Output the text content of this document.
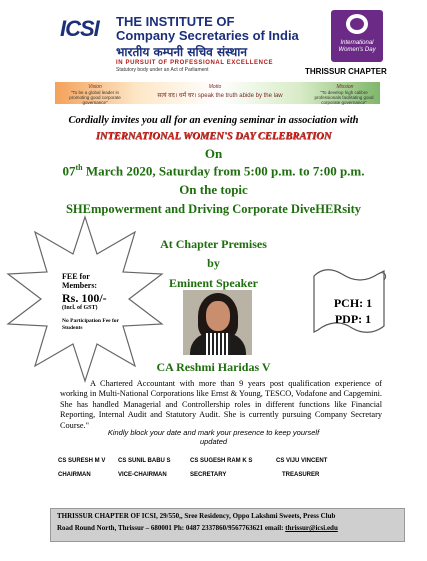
ICSI	THE INSTITUTE OF
Company Secretaries of India
भारतीय कम्पनी सचिव संस्थान
IN PURSUIT OF PROFESSIONAL EXCELLENCE
Statutory body under an Act of Parliament
International Women's Day
THRISSUR CHAPTER
Vision
"To be a global leader in promoting good corporate governance"
Motto
सत्यं वद। धर्मं चर। speak the truth abide by the law
Mission
"To develop high calibre professionals facilitating good corporate governance"
Cordially invites you all for an evening seminar in association with
INTERNATIONAL WOMEN'S DAY CELEBRATION
On
07th March 2020, Saturday from 5:00 p.m. to 7:00 p.m.
On the topic
SHEmpowerment and Driving Corporate DiveHERsity
FEE for Members:
Rs. 100/-
(Incl. of GST)
No Participation Fee for Students
At Chapter Premises
by
Eminent Speaker
CA Reshmi Haridas V
PCH: 1
PDP: 1
A Chartered Accountant with more than 9 years post qualification experience of working in Multi-National Corporations like Ernst & Young, TESCO, Vodafone and Capgemini. She has handled Managerial and Controllership roles in different functions like Financial Reporting, Internal Audit and Statutory Audit. She is currently pursuing Company Secretary Course."
Kindly block your date and mark your presence to keep yourself updated
CS SURESH M V
CHAIRMAN
CS SUNIL BABU S
VICE-CHAIRMAN
CS SUGESH RAM K S
SECRETARY
CS VIJU VINCENT
TREASURER
THRISSUR CHAPTER OF ICSI, 29/550,, Sree Residency, Oppo Lakshmi Sweets, Press Club
Road Round North, Thrissur – 680001 Ph: 0487 2337860/9567763621 email: thrissur@icsi.edu
